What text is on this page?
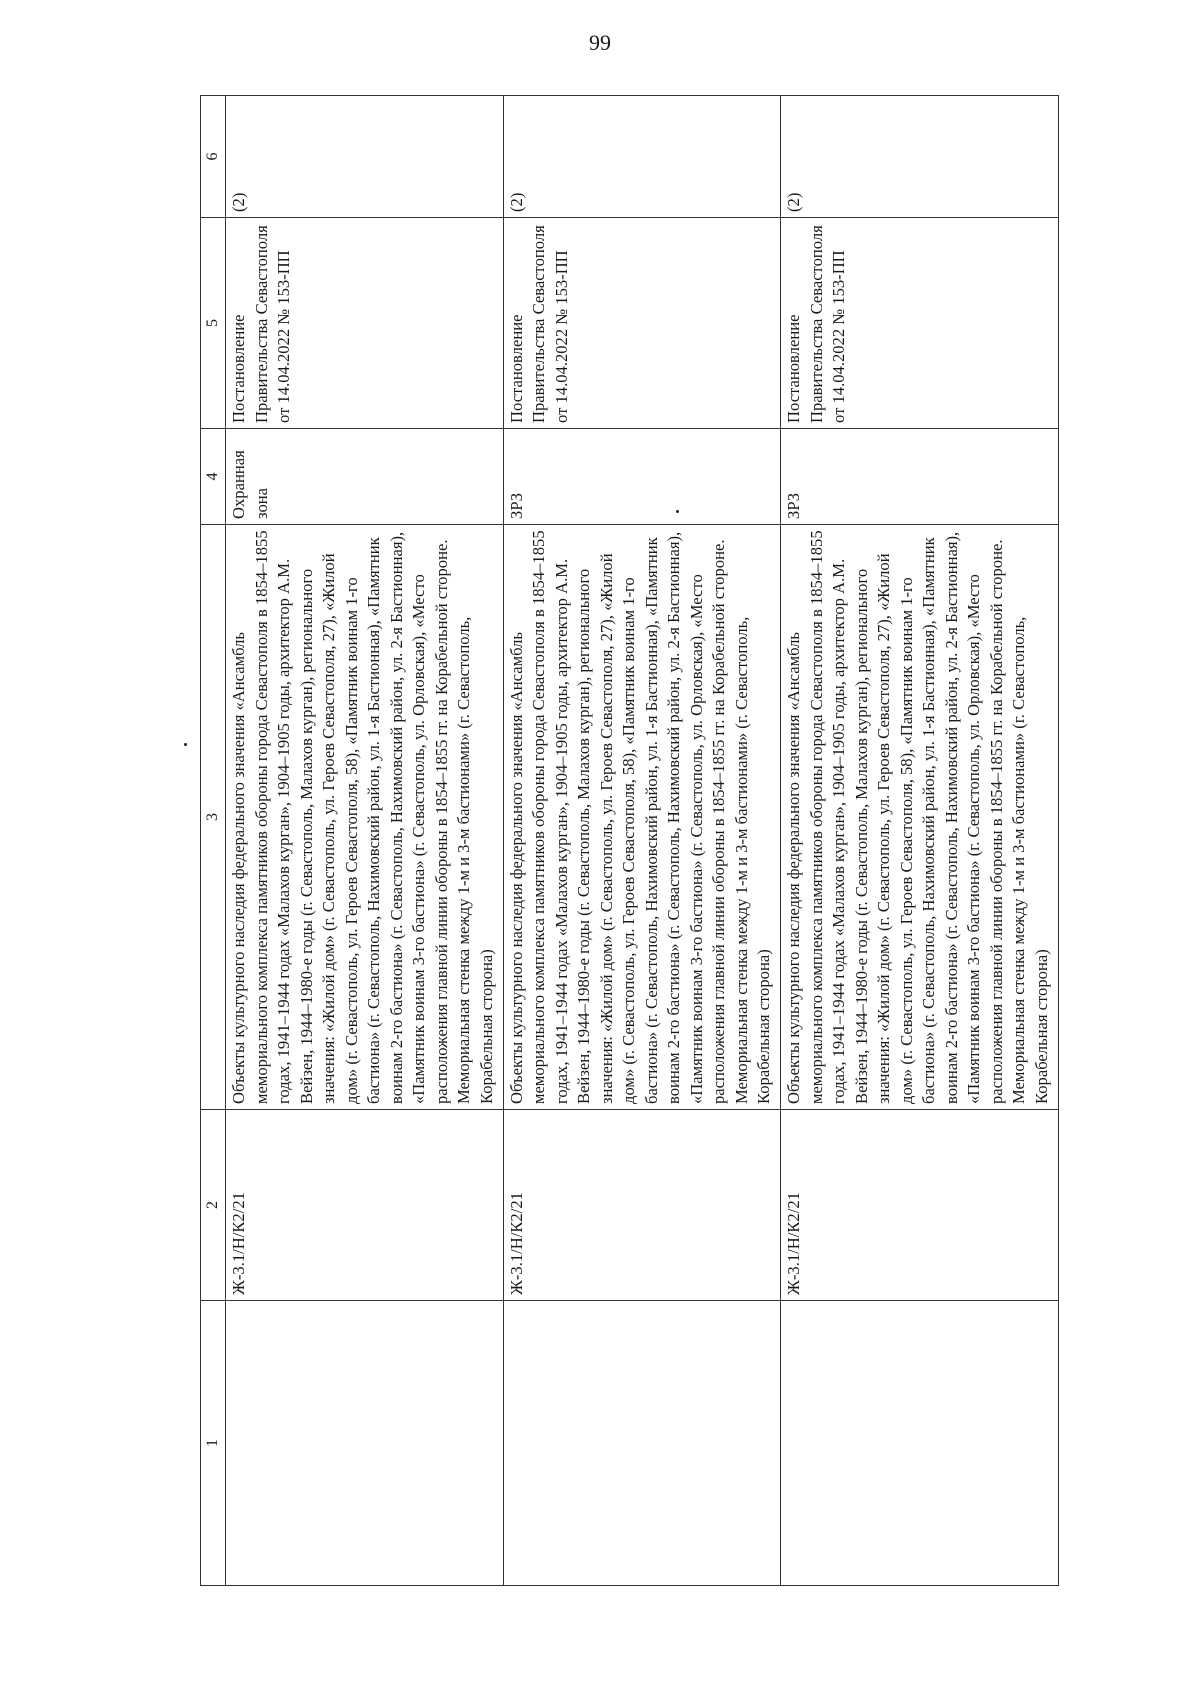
99
1	2	3	4	5	6
	Ж-3.1/Н/К2/21	Объекты культурного наследия федерального значения «Ансамбль мемориального комплекса памятников обороны города Севастополя в 1854–1855 годах, 1941–1944 годах «Малахов курган», 1904–1905 годы, архитектор А.М. Вейзен, 1944–1980-е годы (г. Севастополь, Малахов курган), регионального значения: «Жилой дом» (г. Севастополь, ул. Героев Севастополя, 27), «Жилой дом» (г. Севастополь, ул. Героев Севастополя, 58), «Памятник воинам 1-го бастиона» (г. Севастополь, Нахимовский район, ул. 1-я Бастионная), «Памятник воинам 2-го бастиона» (г. Севастополь, Нахимовский район, ул. 2-я Бастионная), «Памятник воинам 3-го бастиона» (г. Севастополь, ул. Орловская), «Место расположения главной линии обороны в 1854–1855 гг. на Корабельной стороне. Мемориальная стенка между 1-м и 3-м бастионами» (г. Севастополь, Корабельная сторона)	Охранная зона	Постановление Правительства Севастополя от 14.04.2022 № 153-ПП	(2)
	Ж-3.1/Н/К2/21	Объекты культурного наследия федерального значения «Ансамбль мемориального комплекса памятников обороны города Севастополя в 1854–1855 годах, 1941–1944 годах «Малахов курган», 1904–1905 годы, архитектор А.М. Вейзен, 1944–1980-е годы (г. Севастополь, Малахов курган), регионального значения: «Жилой дом» (г. Севастополь, ул. Героев Севастополя, 27), «Жилой дом» (г. Севастополь, ул. Героев Севастополя, 58), «Памятник воинам 1-го бастиона» (г. Севастополь, Нахимовский район, ул. 1-я Бастионная), «Памятник воинам 2-го бастиона» (г. Севастополь, Нахимовский район, ул. 2-я Бастионная), «Памятник воинам 3-го бастиона» (г. Севастополь, ул. Орловская), «Место расположения главной линии обороны в 1854–1855 гг. на Корабельной стороне. Мемориальная стенка между 1-м и 3-м бастионами» (г. Севастополь, Корабельная сторона)	ЗРЗ	Постановление Правительства Севастополя от 14.04.2022 № 153-ПП	(2)
	Ж-3.1/Н/К2/21	Объекты культурного наследия федерального значения «Ансамбль мемориального комплекса памятников обороны города Севастополя в 1854–1855 годах, 1941–1944 годах «Малахов курган», 1904–1905 годы, архитектор А.М. Вейзен, 1944–1980-е годы (г. Севастополь, Малахов курган), регионального значения: «Жилой дом» (г. Севастополь, ул. Героев Севастополя, 27), «Жилой дом» (г. Севастополь, ул. Героев Севастополя, 58), «Памятник воинам 1-го бастиона» (г. Севастополь, Нахимовский район, ул. 1-я Бастионная), «Памятник воинам 2-го бастиона» (г. Севастополь, Нахимовский район, ул. 2-я Бастионная), «Памятник воинам 3-го бастиона» (г. Севастополь, ул. Орловская), «Место расположения главной линии обороны в 1854–1855 гг. на Корабельной стороне. Мемориальная стенка между 1-м и 3-м бастионами» (г. Севастополь, Корабельная сторона)	ЗРЗ	Постановление Правительства Севастополя от 14.04.2022 № 153-ПП	(2)
